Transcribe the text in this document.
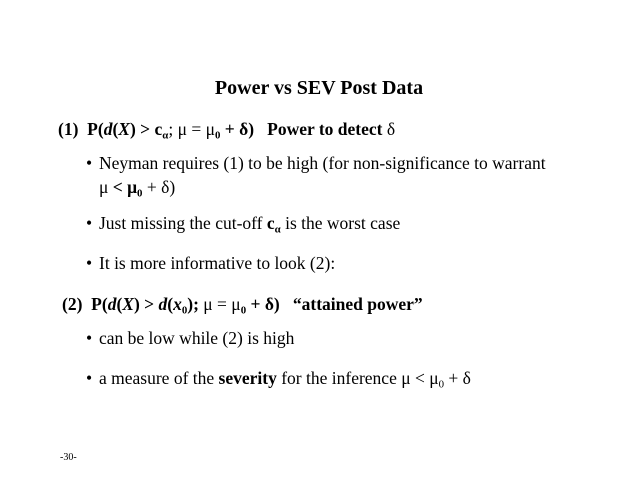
Power vs SEV Post Data
(1) $P(d(X) > c_\alpha$; $\mu = \mu_0 + \delta$) Power to detect δ
• Neyman requires (1) to be high (for non-significance to warrant $\mu < \mu_0 + \delta$)
• Just missing the cut-off $c_\alpha$ is the worst case
• It is more informative to look (2):
(2) $P(d(X) > d(x_0)$; $\mu = \mu_0 + \delta$) “attained power”
• can be low while (2) is high
• a measure of the severity for the inference $\mu < \mu_0 + \delta$
-30-
